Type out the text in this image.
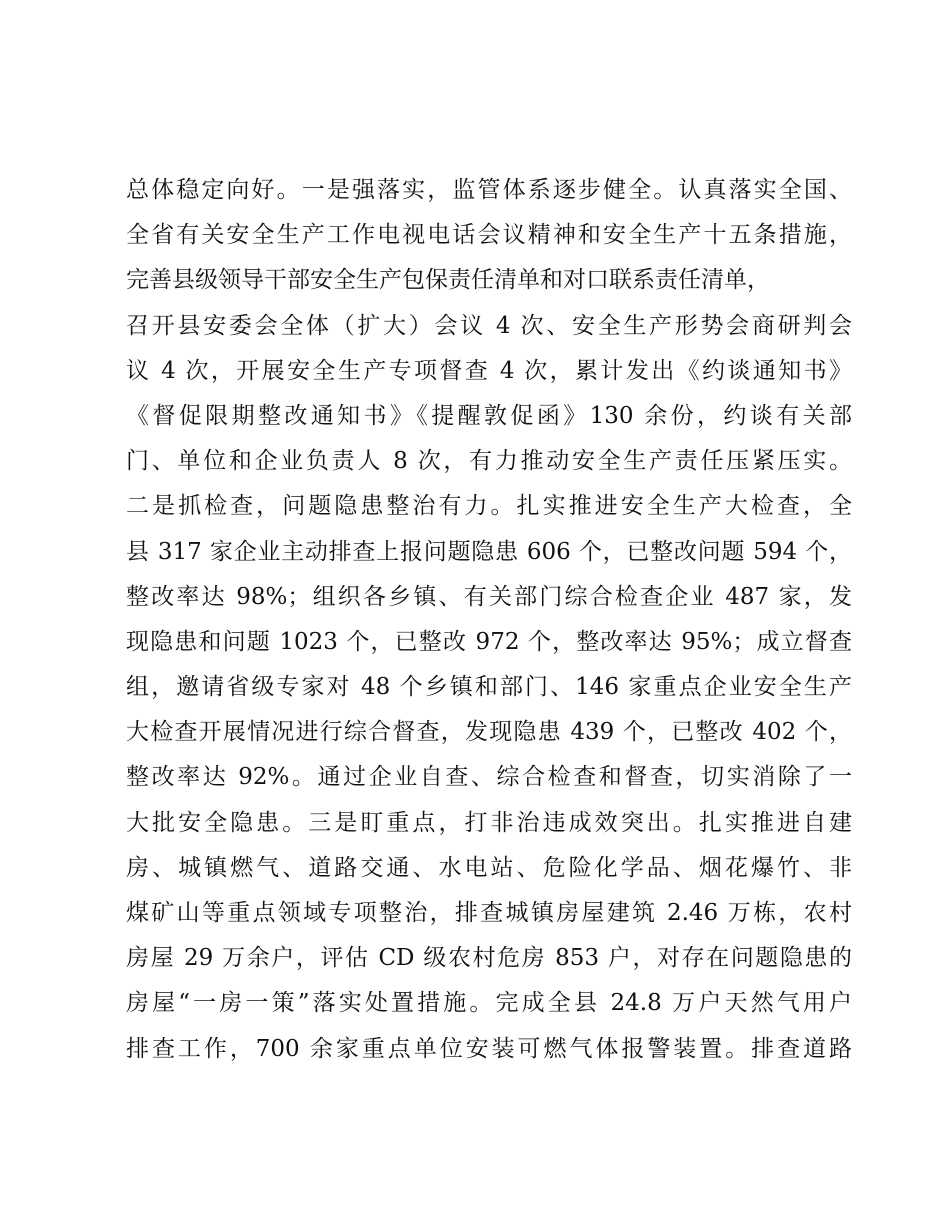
总体稳定向好。一是强落实，监管体系逐步健全。认真落实全国、
全省有关安全生产工作电视电话会议精神和安全生产十五条措施，
完善县级领导干部安全生产包保责任清单和对口联系责任清单，
召开县安委会全体（扩大）会议 4 次、安全生产形势会商研判会
议 4 次，开展安全生产专项督查 4 次，累计发出《约谈通知书》
《督促限期整改通知书》《提醒敦促函》130 余份，约谈有关部
门、单位和企业负责人 8 次，有力推动安全生产责任压紧压实。
二是抓检查，问题隐患整治有力。扎实推进安全生产大检查，全
县 317 家企业主动排查上报问题隐患 606 个，已整改问题 594 个，
整改率达 98%；组织各乡镇、有关部门综合检查企业 487 家，发
现隐患和问题 1023 个，已整改 972 个，整改率达 95%；成立督查
组，邀请省级专家对 48 个乡镇和部门、146 家重点企业安全生产
大检查开展情况进行综合督查，发现隐患 439 个，已整改 402 个，
整改率达 92%。通过企业自查、综合检查和督查，切实消除了一
大批安全隐患。三是盯重点，打非治违成效突出。扎实推进自建
房、城镇燃气、道路交通、水电站、危险化学品、烟花爆竹、非
煤矿山等重点领域专项整治，排查城镇房屋建筑 2.46 万栋，农村
房屋 29 万余户，评估 CD 级农村危房 853 户，对存在问题隐患的
房屋“一房一策”落实处置措施。完成全县 24.8 万户天然气用户
排查工作，700 余家重点单位安装可燃气体报警装置。排查道路
